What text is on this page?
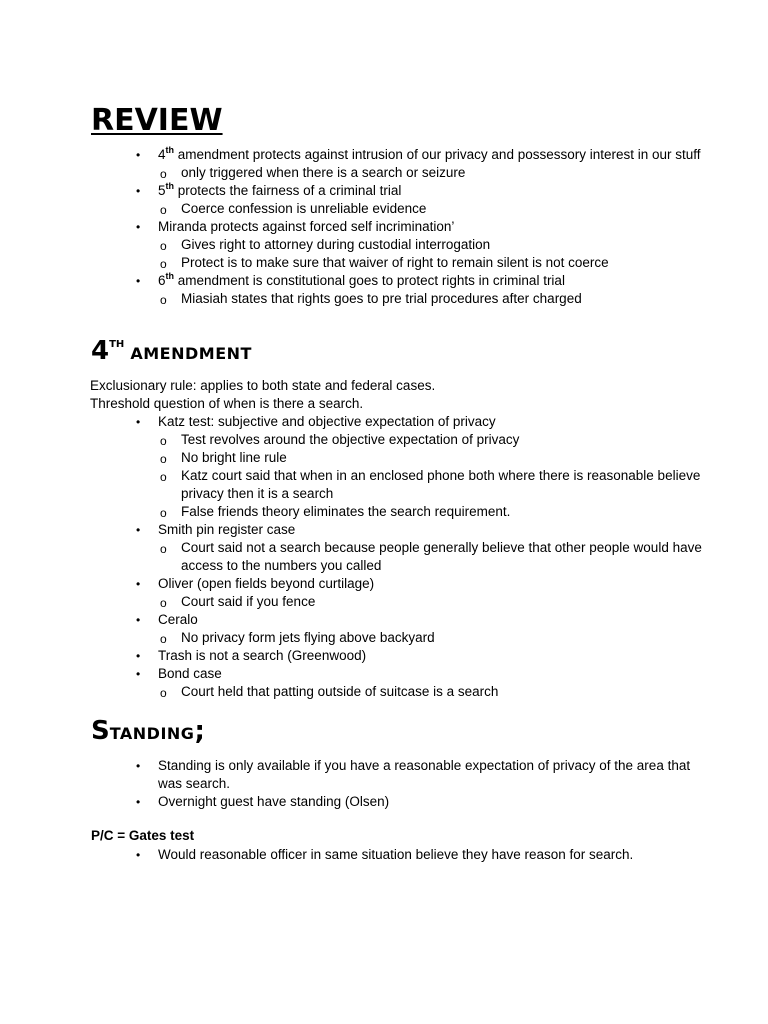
REVIEW
• 4th amendment protects against intrusion of our privacy and possessory interest in our stuff
o only triggered when there is a search or seizure
• 5th protects the fairness of a criminal trial
o Coerce confession is unreliable evidence
• Miranda protects against forced self incrimination’
o Gives right to attorney during custodial interrogation
o Protect is to make sure that waiver of right to remain silent is not coerce
• 6th amendment is constitutional goes to protect rights in criminal trial
o Miasiah states that rights goes to pre trial procedures after charged
4TH AMENDMENT

Exclusionary rule: applies to both state and federal cases.

Threshold question of when is there a search.

• Katz test: subjective and objective expectation of privacy
o Test revolves around the objective expectation of privacy
o No bright line rule
o Katz court said that when in an enclosed phone both where there is reasonable believe privacy then it is a search
o False friends theory eliminates the search requirement.
• Smith pin register case
o Court said not a search because people generally believe that other people would have access to the numbers you called
• Oliver (open fields beyond curtilage)
o Court said if you fence
• Ceralo
o No privacy form jets flying above backyard
• Trash is not a search (Greenwood)
• Bond case
o Court held that patting outside of suitcase is a search
STANDING;
• Standing is only available if you have a reasonable expectation of privacy of the area that was search.
• Overnight guest have standing (Olsen)
P/C = Gates test
• Would reasonable officer in same situation believe they have reason for search.
